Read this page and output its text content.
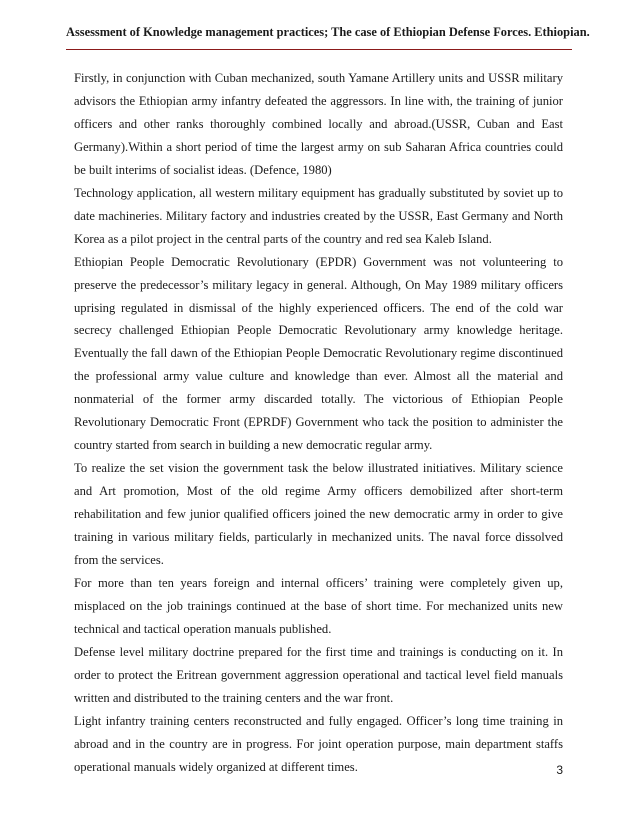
Assessment of Knowledge management practices; The case of Ethiopian Defense Forces. Ethiopian.

Firstly, in conjunction with Cuban mechanized, south Yamane Artillery units and USSR military advisors the Ethiopian army infantry defeated the aggressors. In line with, the training of junior officers and other ranks thoroughly combined locally and abroad.(USSR, Cuban and East Germany).Within a short period of time the largest army on sub Saharan Africa countries could be built interims of socialist ideas. (Defence, 1980)

Technology application, all western military equipment has gradually substituted by soviet up to date machineries. Military factory and industries created by the USSR, East Germany and North Korea as a pilot project in the central parts of the country and red sea Kaleb Island.

Ethiopian People Democratic Revolutionary (EPDR) Government was not volunteering to preserve the predecessor’s military legacy in general. Although, On May 1989 military officers uprising regulated in dismissal of the highly experienced officers. The end of the cold war secrecy challenged Ethiopian People Democratic Revolutionary army knowledge heritage. Eventually the fall dawn of the Ethiopian People Democratic Revolutionary regime discontinued the professional army value culture and knowledge than ever. Almost all the material and nonmaterial of the former army discarded totally. The victorious of Ethiopian People Revolutionary Democratic Front (EPRDF) Government who tack the position to administer the country started from search in building a new democratic regular army.

To realize the set vision the government task the below illustrated initiatives. Military science and Art promotion, Most of the old regime Army officers demobilized after short-term rehabilitation and few junior qualified officers joined the new democratic army in order to give training in various military fields, particularly in mechanized units. The naval force dissolved from the services.

For more than ten years foreign and internal officers’ training were completely given up, misplaced on the job trainings continued at the base of short time. For mechanized units new technical and tactical operation manuals published.

Defense level military doctrine prepared for the first time and trainings is conducting on it. In order to protect the Eritrean government aggression operational and tactical level field manuals written and distributed to the training centers and the war front.

Light infantry training centers reconstructed and fully engaged. Officer’s long time training in abroad and in the country are in progress. For joint operation purpose, main department staffs operational manuals widely organized at different times.	3
